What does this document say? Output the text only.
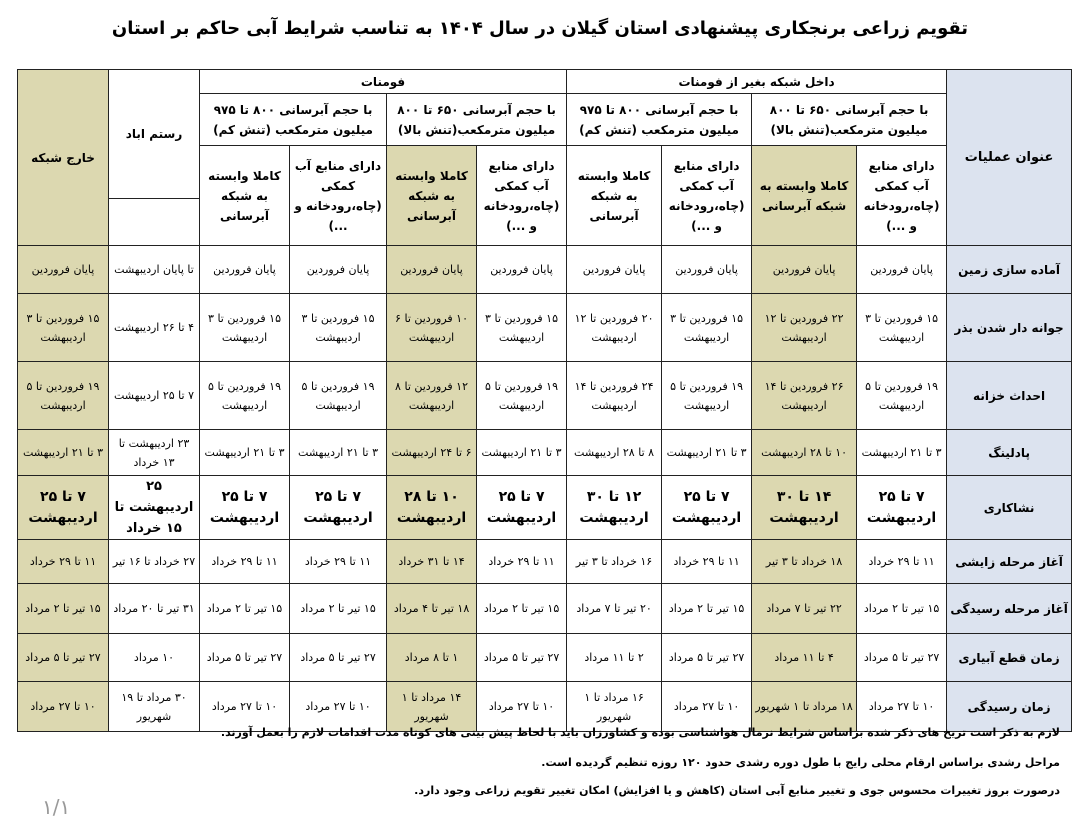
تقویم زراعی برنجکاری پیشنهادی استان گیلان در سال ۱۴۰۴ به تناسب شرایط آبی حاکم بر استان
عنوان عملیات	داخل شبکه بغیر از فومنات				فومنات				رستم اباد	خارج شبکه
	با حجم آبرسانی ۶۵۰ تا ۸۰۰ میلیون مترمکعب(تنش بالا)		با حجم آبرسانی ۸۰۰ تا ۹۷۵ میلیون مترمکعب (تنش کم)		با حجم آبرسانی ۶۵۰ تا ۸۰۰ میلیون مترمکعب(تنش بالا)		با حجم آبرسانی ۸۰۰ تا ۹۷۵ میلیون مترمکعب (تنش کم)			
	دارای منابع آب کمکی (چاه،رودخانه و ...)	کاملا وابسته به شبکه آبرسانی	دارای منابع آب کمکی (چاه،رودخانه و ...)	کاملا وابسته به شبکه آبرسانی	دارای منابع آب کمکی (چاه،رودخانه و ...)	کاملا وابسته به شبکه آبرسانی	دارای منابع آب کمکی (چاه،رودخانه و ...)	کاملا وابسته به شبکه آبرسانی		

آماده سازی زمین	پایان فروردین	پایان فروردین	پایان فروردین	پایان فروردین	پایان فروردین	پایان فروردین	پایان فروردین	پایان فروردین	تا پایان اردیبهشت	پایان فروردین
جوانه دار شدن بذر	۱۵ فروردین تا ۳ اردیبهشت	۲۲ فروردین تا ۱۲ اردیبهشت	۱۵ فروردین تا ۳ اردیبهشت	۲۰ فروردین تا ۱۲ اردیبهشت	۱۵ فروردین تا ۳ اردیبهشت	۱۰ فروردین تا ۶ اردیبهشت	۱۵ فروردین تا ۳ اردیبهشت	۱۵ فروردین تا ۳ اردیبهشت	۴ تا ۲۶ اردیبهشت	۱۵ فروردین تا ۳ اردیبهشت
احداث خزانه	۱۹ فروردین تا ۵ اردیبهشت	۲۶ فروردین تا ۱۴ اردیبهشت	۱۹ فروردین تا ۵ اردیبهشت	۲۴ فروردین تا ۱۴ اردیبهشت	۱۹ فروردین تا ۵ اردیبهشت	۱۲ فروردین تا ۸ اردیبهشت	۱۹ فروردین تا ۵ اردیبهشت	۱۹ فروردین تا ۵ اردیبهشت	۷ تا ۲۵ اردیبهشت	۱۹ فروردین تا ۵ اردیبهشت
پادلینگ	۳ تا ۲۱ اردیبهشت	۱۰ تا ۲۸ اردیبهشت	۳ تا ۲۱ اردیبهشت	۸ تا ۲۸ اردیبهشت	۳ تا ۲۱ اردیبهشت	۶ تا ۲۴ اردیبهشت	۳ تا ۲۱ اردیبهشت	۳ تا ۲۱ اردیبهشت	۲۳ اردیبهشت تا ۱۳ خرداد	۳ تا ۲۱ اردیبهشت
نشاکاری	۷ تا ۲۵ اردیبهشت	۱۴ تا ۳۰ اردیبهشت	۷ تا ۲۵ اردیبهشت	۱۲ تا ۳۰ اردیبهشت	۷ تا ۲۵ اردیبهشت	۱۰ تا ۲۸ اردیبهشت	۷ تا ۲۵ اردیبهشت	۷ تا ۲۵ اردیبهشت	۲۵ اردیبهشت تا ۱۵ خرداد	۷ تا ۲۵ اردیبهشت
آغاز مرحله زایشی	۱۱ تا ۲۹ خرداد	۱۸ خرداد تا ۳ تیر	۱۱ تا ۲۹ خرداد	۱۶ خرداد تا ۳ تیر	۱۱ تا ۲۹ خرداد	۱۴ تا ۳۱ خرداد	۱۱ تا ۲۹ خرداد	۱۱ تا ۲۹ خرداد	۲۷ خرداد تا ۱۶ تیر	۱۱ تا ۲۹ خرداد
آغاز مرحله رسیدگی	۱۵ تیر تا ۲ مرداد	۲۲ تیر تا ۷ مرداد	۱۵ تیر تا ۲ مرداد	۲۰ تیر تا ۷ مرداد	۱۵ تیر تا ۲ مرداد	۱۸ تیر تا ۴ مرداد	۱۵ تیر تا ۲ مرداد	۱۵ تیر تا ۲ مرداد	۳۱ تیر تا ۲۰ مرداد	۱۵ تیر تا ۲ مرداد
زمان قطع آبیاری	۲۷ تیر تا ۵ مرداد	۴ تا ۱۱ مرداد	۲۷ تیر تا ۵ مرداد	۲ تا ۱۱ مرداد	۲۷ تیر تا ۵ مرداد	۱ تا ۸ مرداد	۲۷ تیر تا ۵ مرداد	۲۷ تیر تا ۵ مرداد	۱۰ مرداد	۲۷ تیر تا ۵ مرداد
زمان رسیدگی	۱۰ تا ۲۷ مرداد	۱۸ مرداد تا ۱ شهریور	۱۰ تا ۲۷ مرداد	۱۶ مرداد تا ۱ شهریور	۱۰ تا ۲۷ مرداد	۱۴ مرداد تا ۱ شهریور	۱۰ تا ۲۷ مرداد	۱۰ تا ۲۷ مرداد	۳۰ مرداد تا ۱۹ شهریور	۱۰ تا ۲۷ مرداد
لازم به ذکر است تریخ های ذکر شده براساس شرایط نرمال هواشناسی بوده و کشاورزان باید با لحاظ پیش بینی های کوتاه مدت اقدامات لازم را بعمل آورند.
مراحل رشدی براساس ارقام محلی رایج با طول دوره رشدی حدود ۱۲۰ روزه تنظیم گردیده است.
درصورت بروز تغییرات محسوس جوی و تغییر منابع آبی استان (کاهش و یا افزایش) امکان تغییر تقویم زراعی وجود دارد.
۱/۱
